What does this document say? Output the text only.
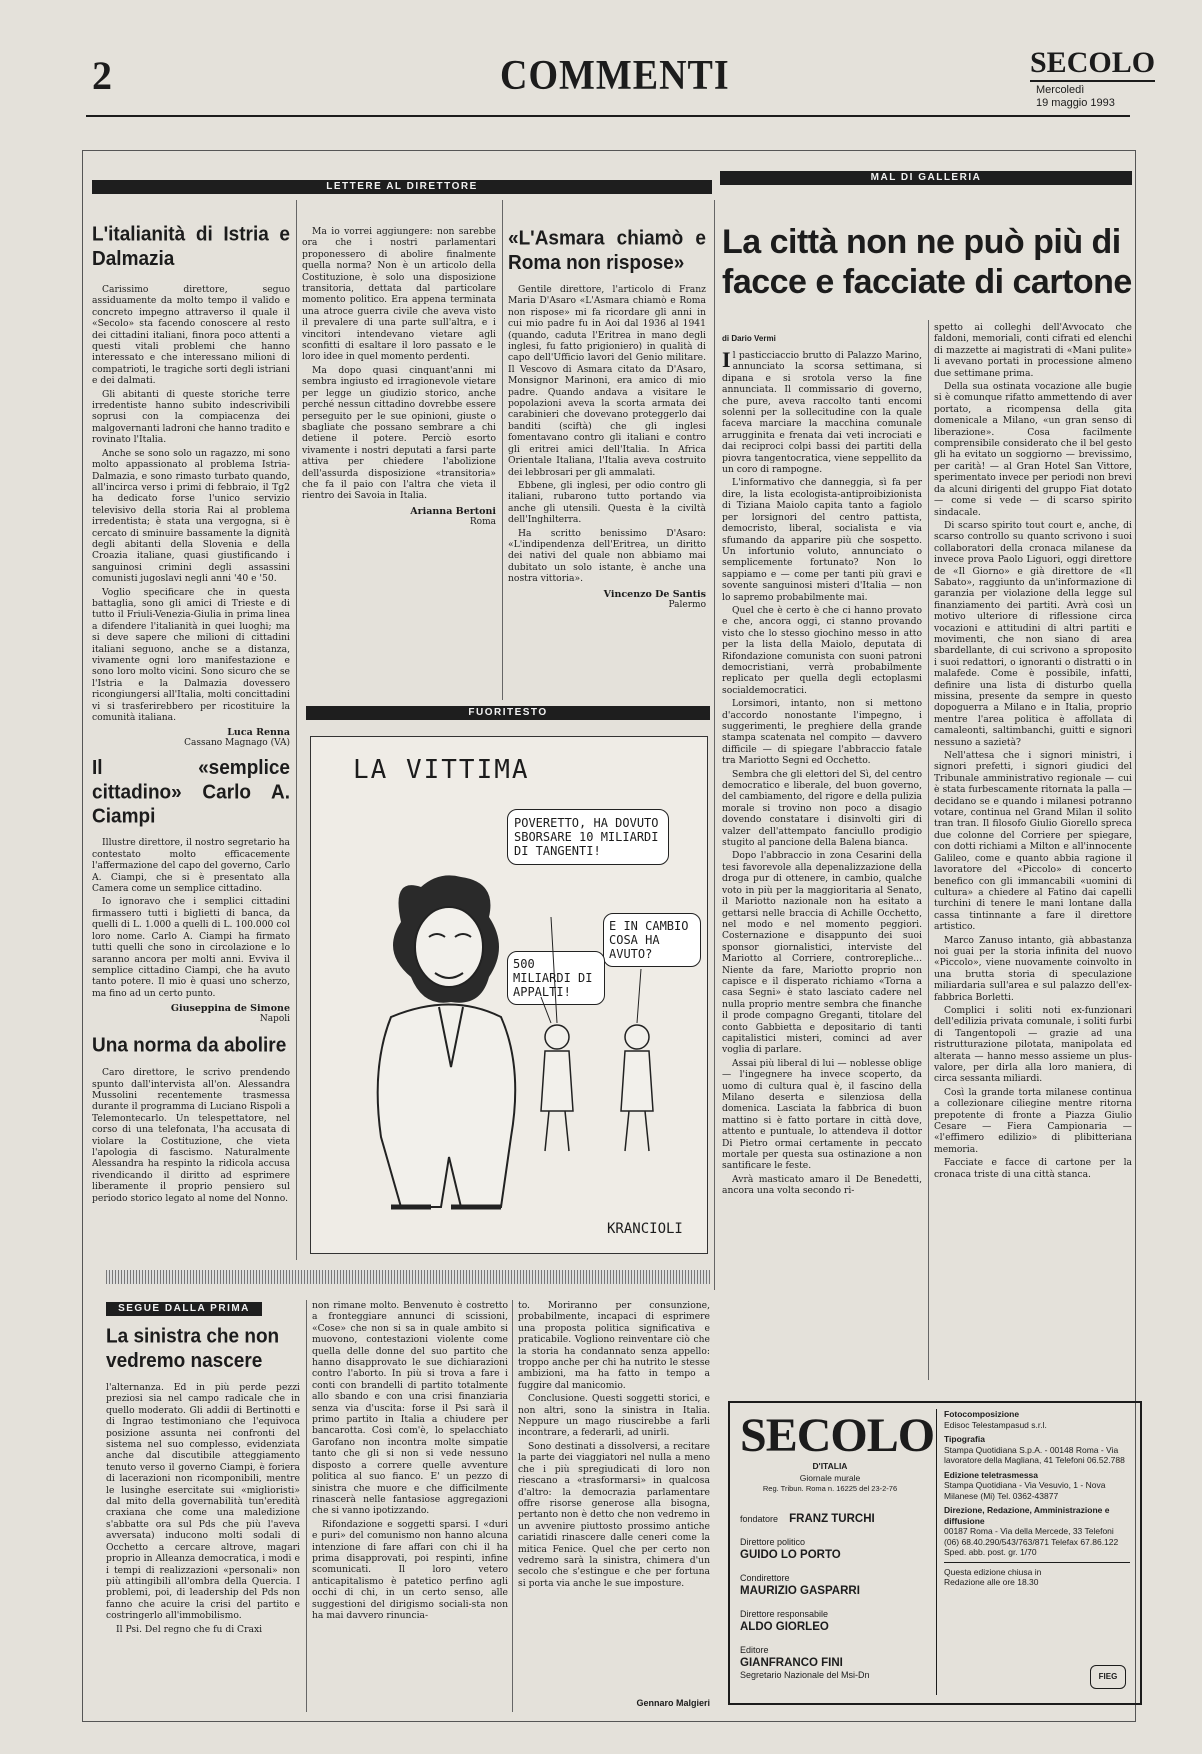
2	COMMENTI	SECOLO
Mercoledì
19 maggio 1993
LETTERE AL DIRETTORE
MAL DI GALLERIA
L'italianità di Istria e Dalmazia

Carissimo direttore, seguo assiduamente da molto tempo il valido e concreto impegno attraverso il quale il «Secolo» sta facendo conoscere al resto dei cittadini italiani, finora poco attenti a questi vitali problemi che hanno interessato e che interessano milioni di compatrioti, le tragiche sorti degli istriani e dei dalmati.

Gli abitanti di queste storiche terre irredentiste hanno subito indescrivibili soprusi con la compiacenza dei malgovernanti ladroni che hanno tradito e rovinato l'Italia.

Anche se sono solo un ragazzo, mi sono molto appassionato al problema Istria-Dalmazia, e sono rimasto turbato quando, all'incirca verso i primi di febbraio, il Tg2 ha dedicato forse l'unico servizio televisivo della storia Rai al problema irredentista; è stata una vergogna, si è cercato di sminuire bassamente la dignità degli abitanti della Slovenia e della Croazia italiane, quasi giustificando i sanguinosi crimini degli assassini comunisti jugoslavi negli anni '40 e '50.

Voglio specificare che in questa battaglia, sono gli amici di Trieste e di tutto il Friuli-Venezia-Giulia in prima linea a difendere l'italianità in quei luoghi; ma si deve sapere che milioni di cittadini italiani seguono, anche se a distanza, vivamente ogni loro manifestazione e sono loro molto vicini. Sono sicuro che se l'Istria e la Dalmazia dovessero ricongiungersi all'Italia, molti concittadini vi si trasferirebbero per ricostituire la comunità italiana.

Luca Renna
Cassano Magnago (VA)
Il «semplice cittadino» Carlo A. Ciampi

Illustre direttore, il nostro segretario ha contestato molto efficacemente l'affermazione del capo del governo, Carlo A. Ciampi, che si è presentato alla Camera come un semplice cittadino.

Io ignoravo che i semplici cittadini firmassero tutti i biglietti di banca, da quelli di L. 1.000 a quelli di L. 100.000 col loro nome. Carlo A. Ciampi ha firmato tutti quelli che sono in circolazione e lo saranno ancora per molti anni. Evviva il semplice cittadino Ciampi, che ha avuto tanto potere. Il mio è quasi uno scherzo, ma fino ad un certo punto.

Giuseppina de Simone
Napoli
Una norma da abolire

Caro direttore, le scrivo prendendo spunto dall'intervista all'on. Alessandra Mussolini recentemente trasmessa durante il programma di Luciano Rispoli a Telemontecarlo. Un telespettatore, nel corso di una telefonata, l'ha accusata di violare la Costituzione, che vieta l'apologia di fascismo. Naturalmente Alessandra ha respinto la ridicola accusa rivendicando il diritto ad esprimere liberamente il proprio pensiero sul periodo storico legato al nome del Nonno.

Ma io vorrei aggiungere: non sarebbe ora che i nostri parlamentari proponessero di abolire finalmente quella norma? Non è un articolo della Costituzione, è solo una disposizione transitoria, dettata dal particolare momento politico. Era appena terminata una atroce guerra civile che aveva visto il prevalere di una parte sull'altra, e i vincitori intendevano vietare agli sconfitti di esaltare il loro passato e le loro idee in quel momento perdenti.

Ma dopo quasi cinquant'anni mi sembra ingiusto ed irragionevole vietare per legge un giudizio storico, anche perché nessun cittadino dovrebbe essere perseguito per le sue opinioni, giuste o sbagliate che possano sembrare a chi detiene il potere. Perciò esorto vivamente i nostri deputati a farsi parte attiva per chiedere l'abolizione dell'assurda disposizione «transitoria» che fa il paio con l'altra che vieta il rientro dei Savoia in Italia.

Arianna Bertoni
Roma
«L'Asmara chiamò e Roma non rispose»

Gentile direttore, l'articolo di Franz Maria D'Asaro «L'Asmara chiamò e Roma non rispose» mi fa ricordare gli anni in cui mio padre fu in Aoi dal 1936 al 1941 (quando, caduta l'Eritrea in mano degli inglesi, fu fatto prigioniero) in qualità di capo dell'Ufficio lavori del Genio militare. Il Vescovo di Asmara citato da D'Asaro, Monsignor Marinoni, era amico di mio padre. Quando andava a visitare le popolazioni aveva la scorta armata dei carabinieri che dovevano proteggerlo dai banditi (sciftà) che gli inglesi fomentavano contro gli italiani e contro gli eritrei amici dell'Italia. In Africa Orientale Italiana, l'Italia aveva costruito dei lebbrosari per gli ammalati.

Ebbene, gli inglesi, per odio contro gli italiani, rubarono tutto portando via anche gli utensili. Questa è la civiltà dell'Inghilterra.

Ha scritto benissimo D'Asaro: «L'indipendenza dell'Eritrea, un diritto dei nativi del quale non abbiamo mai dubitato un solo istante, è anche una nostra vittoria».

Vincenzo De Santis
Palermo
FUORITESTO
LA VITTIMA
POVERETTO, HA DOVUTO SBORSARE 10 MILIARDI DI TANGENTI!
E IN CAMBIO COSA HA AVUTO?
500 MILIARDI DI APPALTI!
KRANCIOLI
La città non ne può più di facce e facciate di cartone
di Dario Vermi

Il pasticciaccio brutto di Palazzo Marino, annunciato la scorsa settimana, si dipana e si srotola verso la fine annunciata. Il commissario di governo, che pure, aveva raccolto tanti encomi solenni per la sollecitudine con la quale faceva marciare la macchina comunale arrugginita e frenata dai veti incrociati e dai reciproci colpi bassi dei partiti della piovra tangentocratica, viene seppellito da un coro di rampogne.

L'informativo che danneggia, sì fa per dire, la lista ecologista-antiproibizionista di Tiziana Maiolo capita tanto a fagiolo per lorsignori del centro pattista, democristo, liberal, socialista e via sfumando da apparire più che sospetto. Un infortunio voluto, annunciato o semplicemente fortunato? Non lo sappiamo e — come per tanti più gravi e sovente sanguinosi misteri d'Italia — non lo sapremo probabilmente mai.

Quel che è certo è che ci hanno provato e che, ancora oggi, ci stanno provando visto che lo stesso giochino messo in atto per la lista della Maiolo, deputata di Rifondazione comunista con suoni patroni democristiani, verrà probabilmente replicato per quella degli ectoplasmi socialdemocratici.

Lorsimori, intanto, non si mettono d'accordo nonostante l'impegno, i suggerimenti, le preghiere della grande stampa scatenata nel compito — davvero difficile — di spiegare l'abbraccio fatale tra Mariotto Segni ed Occhetto.

Sembra che gli elettori del Sì, del centro democratico e liberale, del buon governo, del cambiamento, del rigore e della pulizia morale si trovino non poco a disagio dovendo constatare i disinvolti giri di valzer dell'attempato fanciullo prodigio stugito al pancione della Balena bianca.

Dopo l'abbraccio in zona Cesarini della tesi favorevole alla depenalizzazione della droga pur di ottenere, in cambio, qualche voto in più per la maggioritaria al Senato, il Mariotto nazionale non ha esitato a gettarsi nelle braccia di Achille Occhetto, nel modo e nel momento peggiori. Costernazione e disappunto dei suoi sponsor giornalistici, interviste del Mariotto al Corriere, controrepliche... Niente da fare, Mariotto proprio non capisce e il disperato richiamo «Torna a casa Segni» è stato lasciato cadere nel nulla proprio mentre sembra che finanche il prode compagno Greganti, titolare del conto Gabbietta e depositario di tanti capitalistici misteri, cominci ad aver voglia di parlare.

Assai più liberal di lui — noblesse oblige — l'ingegnere ha invece scoperto, da uomo di cultura qual è, il fascino della Milano deserta e silenziosa della domenica. Lasciata la fabbrica di buon mattino si è fatto portare in città dove, attento e puntuale, lo attendeva il dottor Di Pietro ormai certamente in peccato mortale per questa sua ostinazione a non santificare le feste.

Avrà masticato amaro il De Benedetti, ancora una volta secondo ri-

spetto ai colleghi dell'Avvocato che faldoni, memoriali, conti cifrati ed elenchi di mazzette ai magistrati di «Mani pulite» li avevano portati in processione almeno due settimane prima.

Della sua ostinata vocazione alle bugie si è comunque rifatto ammettendo di aver portato, a ricompensa della gita domenicale a Milano, «un gran senso di liberazione». Cosa facilmente comprensibile considerato che il bel gesto gli ha evitato un soggiorno — brevissimo, per carità! — al Gran Hotel San Vittore, sperimentato invece per periodi non brevi da alcuni dirigenti del gruppo Fiat dotato — come si vede — di scarso spirito sindacale.

Di scarso spirito tout court e, anche, di scarso controllo su quanto scrivono i suoi collaboratori della cronaca milanese da invece prova Paolo Liguori, oggi direttore de «Il Giorno» e già direttore de «Il Sabato», raggiunto da un'informazione di garanzia per violazione della legge sul finanziamento dei partiti. Avrà così un motivo ulteriore di riflessione circa vocazioni e attitudini di altri partiti e movimenti, che non siano di area sbardellante, di cui scrivono a sproposito i suoi redattori, o ignoranti o distratti o in malafede. Come è possibile, infatti, definire una lista di disturbo quella missina, presente da sempre in questo dopoguerra a Milano e in Italia, proprio mentre l'area politica è affollata di camaleonti, saltimbanchi, guitti e signori nessuno a sazietà?

Nell'attesa che i signori ministri, i signori prefetti, i signori giudici del Tribunale amministrativo regionale — cui è stata furbescamente ritornata la palla — decidano se e quando i milanesi potranno votare, continua nel Grand Milan il solito tran tran. Il filosofo Giulio Giorello spreca due colonne del Corriere per spiegare, con dotti richiami a Milton e all'innocente Galileo, come e quanto abbia ragione il lavoratore del «Piccolo» di concerto benefico con gli immancabili «uomini di cultura» a chiedere al Fatino dai capelli turchini di tenere le mani lontane dalla cassa tintinnante a fare il direttore artistico.

Marco Zanuso intanto, già abbastanza noi guai per la storia infinita del nuovo «Piccolo», viene nuovamente coinvolto in una brutta storia di speculazione miliardaria sull'area e sul palazzo dell'ex-fabbrica Borletti.

Complici i soliti noti ex-funzionari dell'edilizia privata comunale, i soliti furbi di Tangentopoli — grazie ad una ristrutturazione pilotata, manipolata ed alterata — hanno messo assieme un plus-valore, per dirla alla loro maniera, di circa sessanta miliardi.

Così la grande torta milanese continua a collezionare ciliegine mentre ritorna prepotente di fronte a Piazza Giulio Cesare — Fiera Campionaria — «l'effimero edilizio» di plibitteriana memoria.

Facciate e facce di cartone per la cronaca triste di una città stanca.

SEGUE DALLA PRIMA
La sinistra che non vedremo nascere

l'alternanza. Ed in più perde pezzi preziosi sia nel campo radicale che in quello moderato. Gli addii di Bertinotti e di Ingrao testimoniano che l'equivoca posizione assunta nei confronti del sistema nel suo complesso, evidenziata anche dal discutibile atteggiamento tenuto verso il governo Ciampi, è foriera di lacerazioni non ricomponibili, mentre le lusinghe esercitate sui «miglioristi» dal mito della governabilità tun'eredità craxiana che come una maledizione s'abbatte ora sul Pds che più l'aveva avversata) inducono molti sodali di Occhetto a cercare altrove, magari proprio in Alleanza democratica, i modi e i tempi di realizzazioni «personali» non più attingibili all'ombra della Quercia. I problemi, poi, di leadership del Pds non fanno che acuire la crisi del partito e costringerlo all'immobilismo.

Il Psi. Del regno che fu di Craxi

non rimane molto. Benvenuto è costretto a fronteggiare annunci di scissioni, «Cose» che non si sa in quale ambito si muovono, contestazioni violente come quella delle donne del suo partito che hanno disapprovato le sue dichiarazioni contro l'aborto. In più si trova a fare i conti con brandelli di partito totalmente allo sbando e con una crisi finanziaria senza via d'uscita: forse il Psi sarà il primo partito in Italia a chiudere per bancarotta. Così com'è, lo spelacchiato Garofano non incontra molte simpatie tanto che gli si non si vede nessuno disposto a correre quelle avventure politica al suo fianco. E' un pezzo di sinistra che muore e che difficilmente rinascerà nelle fantasiose aggregazioni che si vanno ipotizzando.

Rifondazione e soggetti sparsi. I «duri e puri» del comunismo non hanno alcuna intenzione di fare affari con chi il ha prima disapprovati, poi respinti, infine scomunicati. Il loro vetero anticapitalismo è patetico perfino agli occhi di chi, in un certo senso, alle suggestioni del dirigismo sociali-sta non ha mai davvero rinuncia-

to. Moriranno per consunzione, probabilmente, incapaci di esprimere una proposta politica significativa e praticabile. Vogliono reinventare ciò che la storia ha condannato senza appello: troppo anche per chi ha nutrito le stesse ambizioni, ma ha fatto in tempo a fuggire dal manicomio.

Conclusione. Questi soggetti storici, e non altri, sono la sinistra in Italia. Neppure un mago riuscirebbe a farli incontrare, a federarli, ad unirli.

Sono destinati a dissolversi, a recitare la parte dei viaggiatori nel nulla a meno che i più spregiudicati di loro non riescano a «trasformarsi» in qualcosa d'altro: la democrazia parlamentare offre risorse generose alla bisogna, pertanto non è detto che non vedremo in un avvenire piuttosto prossimo antiche cariatidi rinascere dalle ceneri come la mitica Fenice. Quel che per certo non vedremo sarà la sinistra, chimera d'un secolo che s'estingue e che per fortuna si porta via anche le sue imposture.

Gennaro Malgieri
SECOLO
D'ITALIA
Giornale murale
Reg. Tribun. Roma n. 16225 del 23-2-76
fondatore FRANZ TURCHI
Direttore politico
GUIDO LO PORTO
Condirettore
MAURIZIO GASPARRI
Direttore responsabile
ALDO GIORLEO
Editore
GIANFRANCO FINI
Segretario Nazionale del Msi-Dn
Fotocomposizione
Edisoc Telestampasud s.r.l.
Tipografia
Stampa Quotidiana S.p.A. - 00148 Roma - Via lavoratore della Magliana, 41 Telefoni 06.52.788
Edizione teletrasmessa
Stampa Quotidiana - Via Vesuvio, 1 - Nova Milanese (Mi) Tel. 0362-43877
Direzione, Redazione, Amministrazione e diffusione
00187 Roma - Via della Mercede, 33 Telefoni (06) 68.40.290/543/763/871 Telefax 67.86.122 Sped. abb. post. gr. 1/70
Questa edizione chiusa in Redazione alle ore 18.30
FIEG
